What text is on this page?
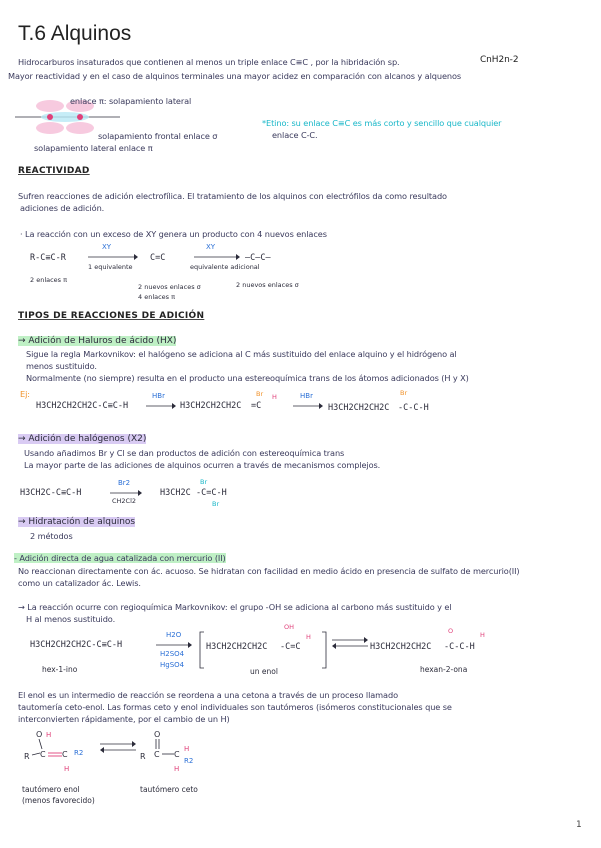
T.6 Alquinos
Hidrocarburos insaturados que contienen al menos un triple enlace C≡C , por la hibridación sp.	CnH2n-2
Mayor reactividad y en el caso de alquinos terminales una mayor acidez en comparación con alcanos y alquenos
enlace π: solapamiento lateral
solapamiento frontal enlace σ
solapamiento lateral enlace π
*Etino: su enlace C≡C es más corto y sencillo que cualquier
enlace C-C.
REACTIVIDAD
Sufren reacciones de adición electrofílica. El tratamiento de los alquinos con electrófilos da como resultado
adiciones de adición.
· La reacción con un exceso de XY genera un producto con 4 nuevos enlaces
R-C≡C-R
XY
1 equivalente
2 enlaces π
C=C
XY
equivalente adicional
2 nuevos enlaces σ
4 enlaces π
–C–C–
2 nuevos enlaces σ
TIPOS DE REACCIONES DE ADICIÓN
→ Adición de Haluros de ácido (HX)
Sigue la regla Markovnikov: el halógeno se adiciona al C más sustituido del enlace alquino y el hidrógeno al
menos sustituido.
Normalmente (no siempre) resulta en el producto una estereoquímica trans de los átomos adicionados (H y X)
Ej:
H3CH2CH2CH2C-C≡C-H
HBr
H3CH2CH2CH2C =C
Br H	HBr
H3CH2CH2CH2C -C-C-H
Br
→ Adición de halógenos (X2)
Usando añadimos Br y Cl se dan productos de adición con estereoquímica trans
La mayor parte de las adiciones de alquinos ocurren a través de mecanismos complejos.
H3CH2C-C≡C-H
Br2
CH2Cl2
H3CH2C -C=C-H
Br
Br
→ Hidratación de alquinos
2 métodos
- Adición directa de agua catalizada con mercurio (II)
No reaccionan directamente con ác. acuoso. Se hidratan con facilidad en medio ácido en presencia de sulfato de mercurio(II)
como un catalizador ác. Lewis.
→ La reacción ocurre con regioquímica Markovnikov: el grupo -OH se adiciona al carbono más sustituido y el
H al menos sustituido.
H3CH2CH2CH2C-C≡C-H
H2O
H2SO4
HgSO4
hex-1-ino
H3CH2CH2CH2C -C=C
OH
H
un enol
⇌ H3CH2CH2CH2C -C-C-H
O	H
hexan-2-ona
El enol es un intermedio de reacción se reordena a una cetona a través de un proceso llamado
tautomería ceto-enol. Las formas ceto y enol individuales son tautómeros (isómeros constitucionales que se
interconvierten rápidamente, por el cambio de un H)
O H
R C C R2
H
O
R C C
H
R2
H
tautómero enol
(menos favorecido)
tautómero ceto
1
